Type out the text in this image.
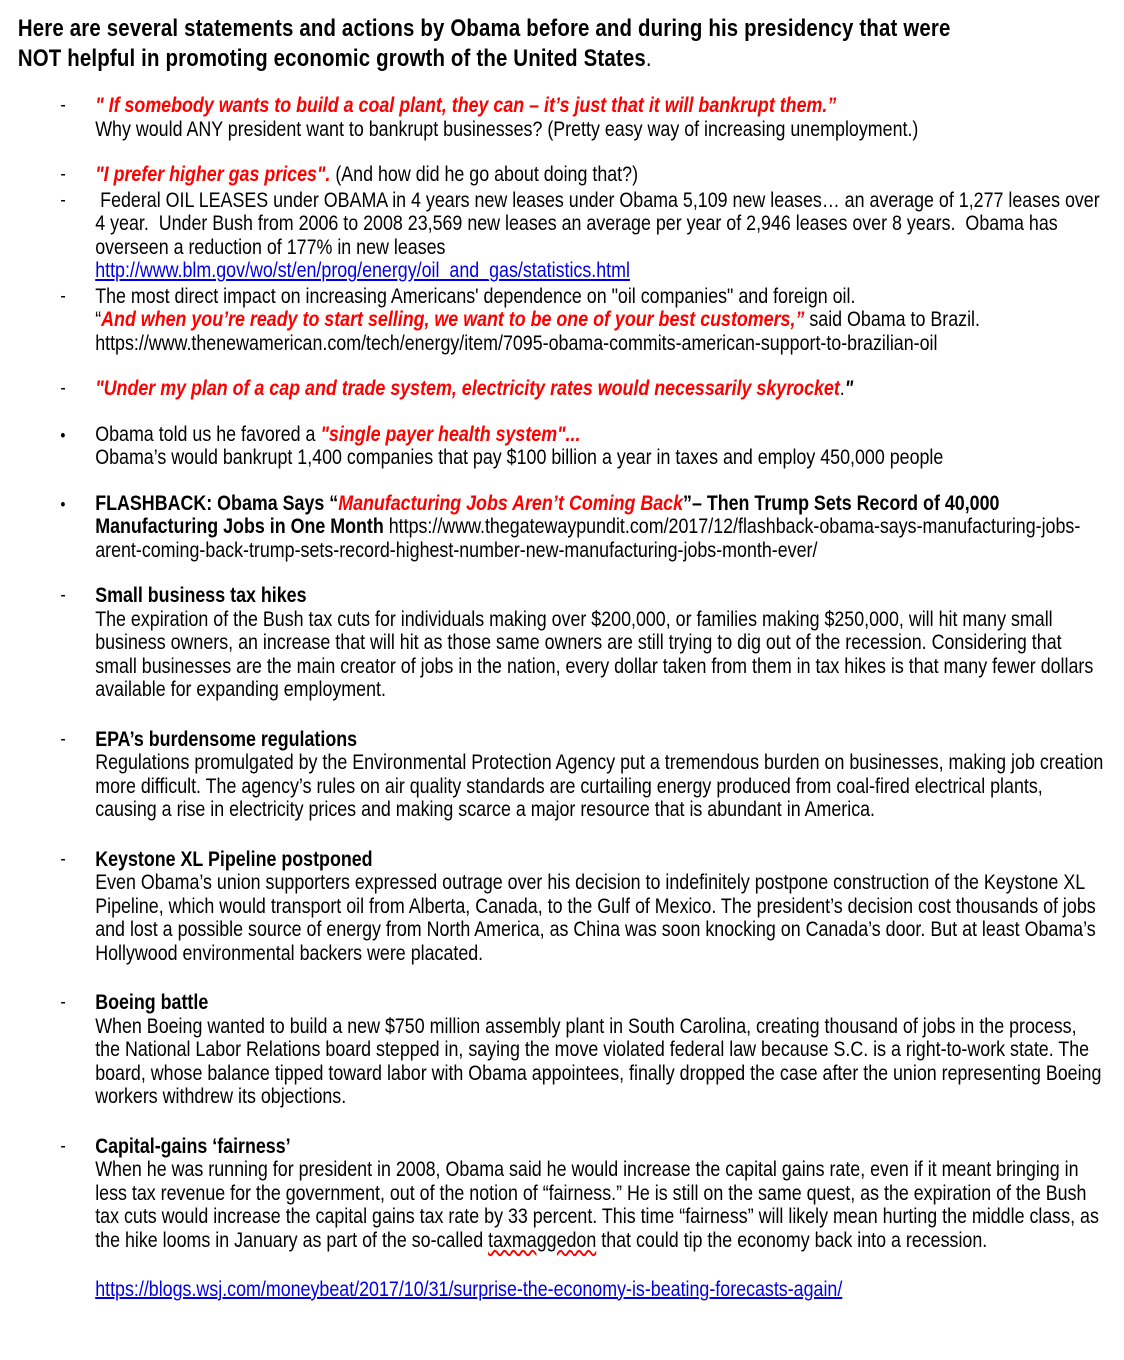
Here are several statements and actions by Obama before and during his presidency that were
NOT helpful in promoting economic growth of the United States.
- " If somebody wants to build a coal plant, they can – it’s just that it will bankrupt them.”
Why would ANY president want to bankrupt businesses? (Pretty easy way of increasing unemployment.)
- "I prefer higher gas prices". (And how did he go about doing that?)
- Federal OIL LEASES under OBAMA in 4 years new leases under Obama 5,109 new leases… an average of 1,277 leases over 4 year.  Under Bush from 2006 to 2008 23,569 new leases an average per year of 2,946 leases over 8 years.  Obama has overseen a reduction of 177% in new leases
http://www.blm.gov/wo/st/en/prog/energy/oil_and_gas/statistics.html
- The most direct impact on increasing Americans' dependence on "oil companies" and foreign oil.
“And when you’re ready to start selling, we want to be one of your best customers,” said Obama to Brazil.
https://www.thenewamerican.com/tech/energy/item/7095-obama-commits-american-support-to-brazilian-oil
- "Under my plan of a cap and trade system, electricity rates would necessarily skyrocket."
• Obama told us he favored a "single payer health system"...
Obama’s would bankrupt 1,400 companies that pay $100 billion a year in taxes and employ 450,000 people
• FLASHBACK: Obama Says “Manufacturing Jobs Aren’t Coming Back”– Then Trump Sets Record of 40,000 Manufacturing Jobs in One Month https://www.thegatewaypundit.com/2017/12/flashback-obama-says-manufacturing-jobs-arent-coming-back-trump-sets-record-highest-number-new-manufacturing-jobs-month-ever/
- Small business tax hikes
The expiration of the Bush tax cuts for individuals making over $200,000, or families making $250,000, will hit many small business owners, an increase that will hit as those same owners are still trying to dig out of the recession. Considering that small businesses are the main creator of jobs in the nation, every dollar taken from them in tax hikes is that many fewer dollars available for expanding employment.
- EPA’s burdensome regulations
Regulations promulgated by the Environmental Protection Agency put a tremendous burden on businesses, making job creation more difficult. The agency’s rules on air quality standards are curtailing energy produced from coal-fired electrical plants, causing a rise in electricity prices and making scarce a major resource that is abundant in America.
- Keystone XL Pipeline postponed
Even Obama’s union supporters expressed outrage over his decision to indefinitely postpone construction of the Keystone XL Pipeline, which would transport oil from Alberta, Canada, to the Gulf of Mexico. The president’s decision cost thousands of jobs and lost a possible source of energy from North America, as China was soon knocking on Canada’s door. But at least Obama’s Hollywood environmental backers were placated.
- Boeing battle
When Boeing wanted to build a new $750 million assembly plant in South Carolina, creating thousand of jobs in the process, the National Labor Relations board stepped in, saying the move violated federal law because S.C. is a right-to-work state. The board, whose balance tipped toward labor with Obama appointees, finally dropped the case after the union representing Boeing workers withdrew its objections.
- Capital-gains ‘fairness’
When he was running for president in 2008, Obama said he would increase the capital gains rate, even if it meant bringing in less tax revenue for the government, out of the notion of “fairness.” He is still on the same quest, as the expiration of the Bush tax cuts would increase the capital gains tax rate by 33 percent. This time “fairness” will likely mean hurting the middle class, as the hike looms in January as part of the so-called taxmaggedon that could tip the economy back into a recession.
https://blogs.wsj.com/moneybeat/2017/10/31/surprise-the-economy-is-beating-forecasts-again/
